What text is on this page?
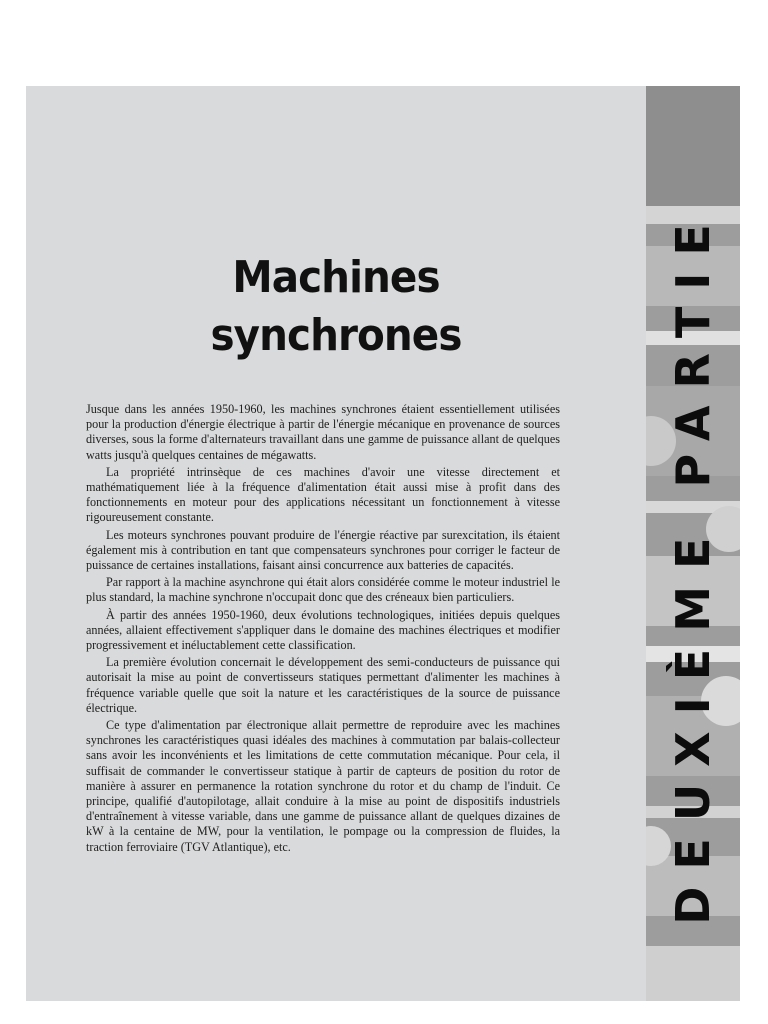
Machines
synchrones

Jusque dans les années 1950-1960, les machines synchrones étaient essentiellement utilisées pour la production d'énergie électrique à partir de l'énergie mécanique en provenance de sources diverses, sous la forme d'alternateurs travaillant dans une gamme de puissance allant de quelques watts jusqu'à quelques centaines de mégawatts.

La propriété intrinsèque de ces machines d'avoir une vitesse directement et mathématiquement liée à la fréquence d'alimentation était aussi mise à profit dans des fonctionnements en moteur pour des applications nécessitant un fonctionnement à vitesse rigoureusement constante.

Les moteurs synchrones pouvant produire de l'énergie réactive par surexcitation, ils étaient également mis à contribution en tant que compensateurs synchrones pour corriger le facteur de puissance de certaines installations, faisant ainsi concurrence aux batteries de capacités.

Par rapport à la machine asynchrone qui était alors considérée comme le moteur industriel le plus standard, la machine synchrone n'occupait donc que des créneaux bien particuliers.

À partir des années 1950-1960, deux évolutions technologiques, initiées depuis quelques années, allaient effectivement s'appliquer dans le domaine des machines électriques et modifier progressivement et inéluctablement cette classification.

La première évolution concernait le développement des semi-conducteurs de puissance qui autorisait la mise au point de convertisseurs statiques permettant d'alimenter les machines à fréquence variable quelle que soit la nature et les caractéristiques de la source de puissance électrique.

Ce type d'alimentation par électronique allait permettre de reproduire avec les machines synchrones les caractéristiques quasi idéales des machines à commutation par balais-collecteur sans avoir les inconvénients et les limitations de cette commutation mécanique. Pour cela, il suffisait de commander le convertisseur statique à partir de capteurs de position du rotor de manière à assurer en permanence la rotation synchrone du rotor et du champ de l'induit. Ce principe, qualifié d'autopilotage, allait conduire à la mise au point de dispositifs industriels d'entraînement à vitesse variable, dans une gamme de puissance allant de quelques dizaines de kW à la centaine de MW, pour la ventilation, le pompage ou la compression de fluides, la traction ferroviaire (TGV Atlantique), etc.	DEUXIÈME PARTIE
